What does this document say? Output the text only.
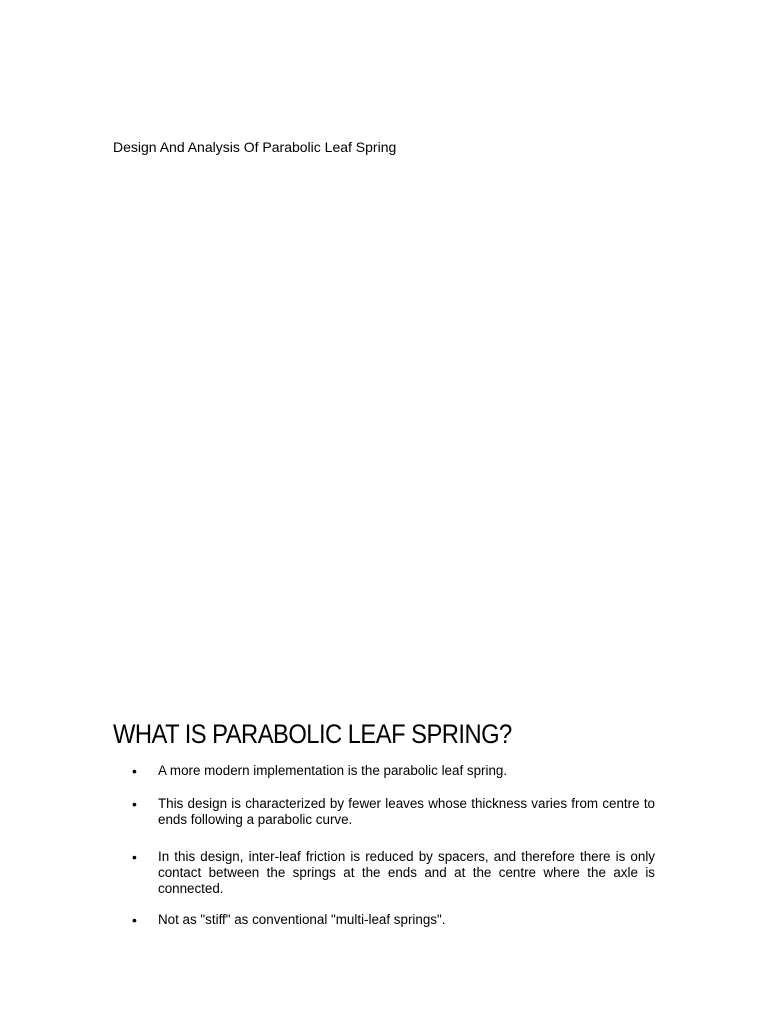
Design And Analysis Of Parabolic Leaf Spring
WHAT IS PARABOLIC LEAF SPRING?
• A more modern implementation is the parabolic leaf spring.
• This design is characterized by fewer leaves whose thickness varies from centre to ends following a parabolic curve.
• In this design, inter-leaf friction is reduced by spacers, and therefore there is only contact between the springs at the ends and at the centre where the axle is connected.
• Not as "stiff" as conventional "multi-leaf springs".
